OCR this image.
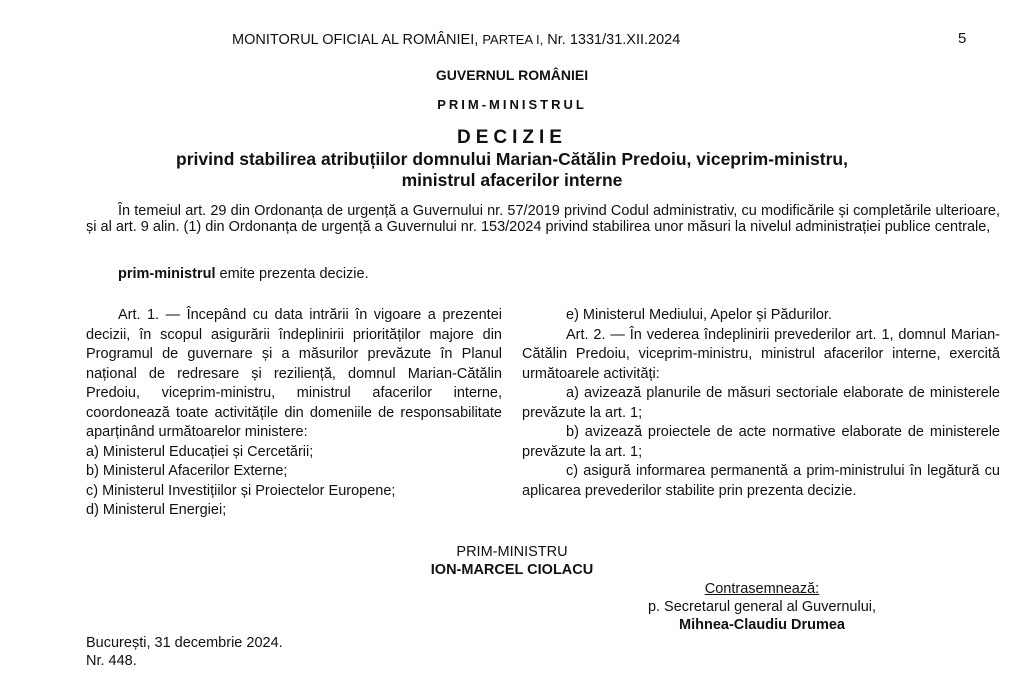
MONITORUL OFICIAL AL ROMÂNIEI, PARTEA I, Nr. 1331/31.XII.2024	5
GUVERNUL ROMÂNIEI
PRIM-MINISTRUL
DECIZIE
privind stabilirea atribuțiilor domnului Marian-Cătălin Predoiu, viceprim-ministru,
ministrul afacerilor interne

În temeiul art. 29 din Ordonanța de urgență a Guvernului nr. 57/2019 privind Codul administrativ, cu modificările și completările ulterioare, și al art. 9 alin. (1) din Ordonanța de urgență a Guvernului nr. 153/2024 privind stabilirea unor măsuri la nivelul administrației publice centrale,

prim-ministrul emite prezenta decizie.

Art. 1. — Începând cu data intrării în vigoare a prezentei decizii, în scopul asigurării îndeplinirii priorităților majore din Programul de guvernare și a măsurilor prevăzute în Planul național de redresare și reziliență, domnul Marian-Cătălin Predoiu, viceprim-ministru, ministrul afacerilor interne, coordonează toate activitățile din domeniile de responsabilitate aparținând următoarelor ministere:

a) Ministerul Educației și Cercetării;

b) Ministerul Afacerilor Externe;

c) Ministerul Investițiilor și Proiectelor Europene;

d) Ministerul Energiei;

e) Ministerul Mediului, Apelor și Pădurilor.

Art. 2. — În vederea îndeplinirii prevederilor art. 1, domnul Marian-Cătălin Predoiu, viceprim-ministru, ministrul afacerilor interne, exercită următoarele activități:

a) avizează planurile de măsuri sectoriale elaborate de ministerele prevăzute la art. 1;

b) avizează proiectele de acte normative elaborate de ministerele prevăzute la art. 1;

c) asigură informarea permanentă a prim-ministrului în legătură cu aplicarea prevederilor stabilite prin prezenta decizie.

PRIM-MINISTRU
ION-MARCEL CIOLACU
Contrasemnează:
p. Secretarul general al Guvernului,
Mihnea-Claudiu Drumea
București, 31 decembrie 2024.
Nr. 448.
